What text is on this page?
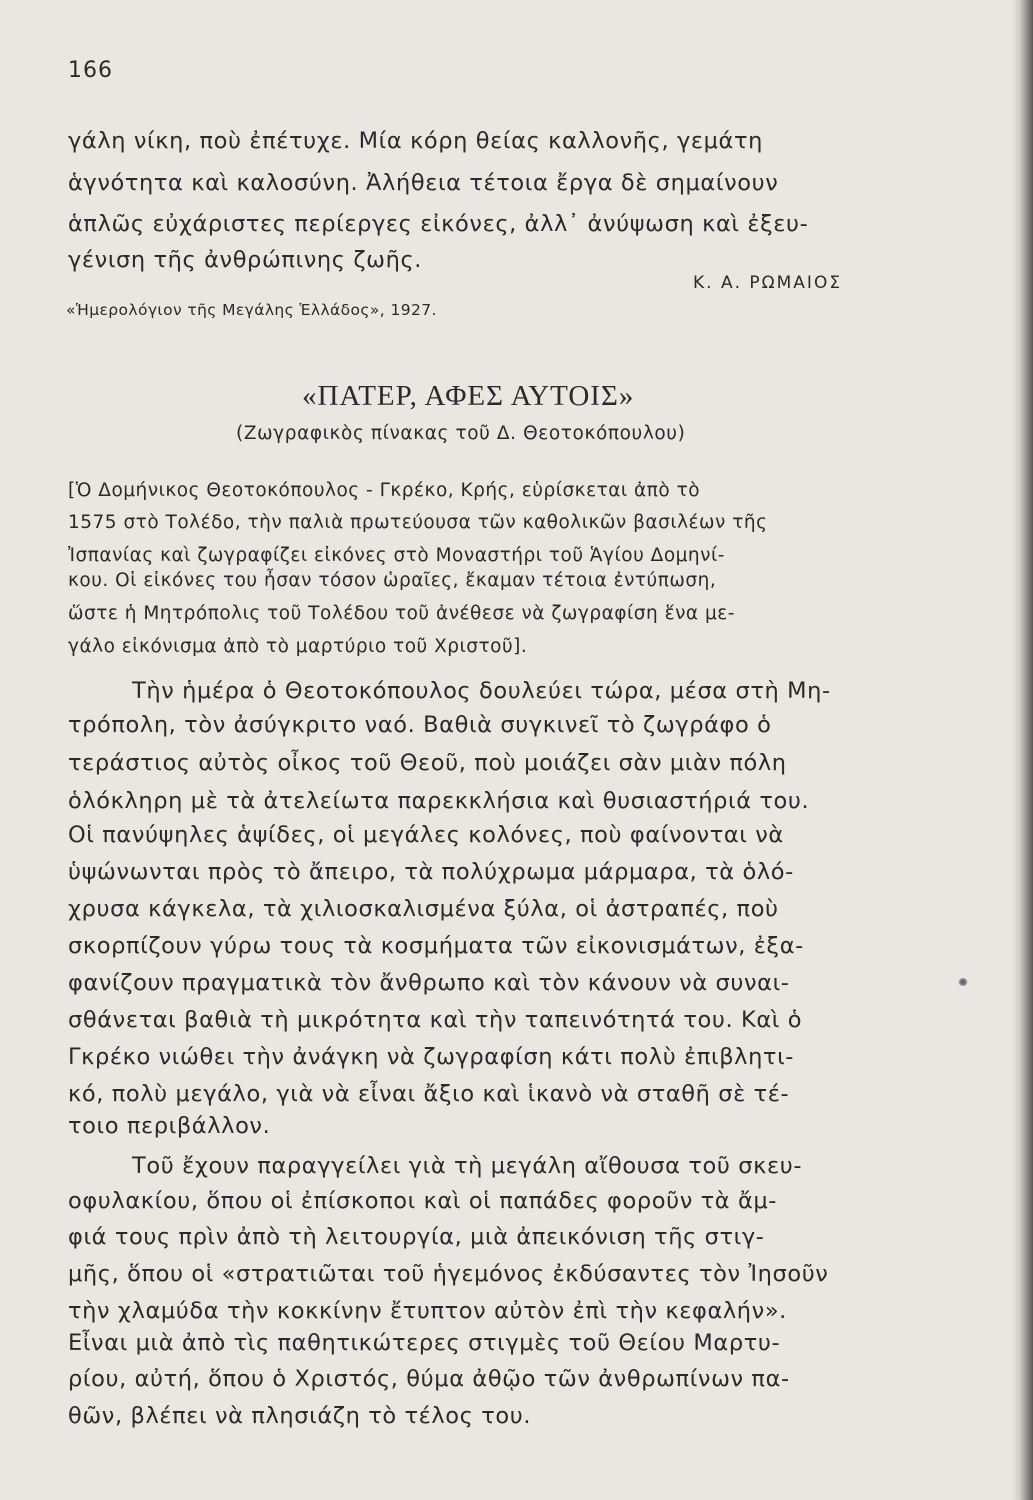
166
γάλη νίκη, ποὺ ἐπέτυχε. Μία κόρη θείας καλλονῆς, γεμάτη
ἁγνότητα καὶ καλοσύνη. Ἀλήθεια τέτοια ἔργα δὲ σημαίνουν
ἁπλῶς εὐχάριστες περίεργες εἰκόνες, ἀλλ᾽ ἀνύψωση καὶ ἐξευ-
γένιση τῆς ἀνθρώπινης ζωῆς.
Κ. Α. ΡΩΜΑΙΟΣ
«Ἡμερολόγιον τῆς Μεγάλης Ἑλλάδος», 1927.
«ΠΑΤΕΡ, ΑΦΕΣ ΑΥΤΟΙΣ»
(Ζωγραφικὸς πίνακας τοῦ Δ. Θεοτοκόπουλου)
[Ὁ Δομήνικος Θεοτοκόπουλος - Γκρέκο, Κρής, εὑρίσκεται ἀπὸ τὸ
1575 στὸ Τολέδο, τὴν παλιὰ πρωτεύουσα τῶν καθολικῶν βασιλέων τῆς
Ἰσπανίας καὶ ζωγραφίζει εἰκόνες στὸ Μοναστήρι τοῦ Ἁγίου Δομηνί-
κου. Οἱ εἰκόνες του ἦσαν τόσον ὡραῖες, ἔκαμαν τέτοια ἐντύπωση,
ὥστε ἡ Μητρόπολις τοῦ Τολέδου τοῦ ἀνέθεσε νὰ ζωγραφίση ἕνα με-
γάλο εἰκόνισμα ἀπὸ τὸ μαρτύριο τοῦ Χριστοῦ].
Τὴν ἡμέρα ὁ Θεοτοκόπουλος δουλεύει τώρα, μέσα στὴ Μη-
τρόπολη, τὸν ἀσύγκριτο ναό. Βαθιὰ συγκινεῖ τὸ ζωγράφο ὁ
τεράστιος αὐτὸς οἶκος τοῦ Θεοῦ, ποὺ μοιάζει σὰν μιὰν πόλη
ὁλόκληρη μὲ τὰ ἀτελείωτα παρεκκλήσια καὶ θυσιαστήριά του.
Οἱ πανύψηλες ἁψίδες, οἱ μεγάλες κολόνες, ποὺ φαίνονται νὰ
ὑψώνωνται πρὸς τὸ ἄπειρο, τὰ πολύχρωμα μάρμαρα, τὰ ὁλό-
χρυσα κάγκελα, τὰ χιλιοσκαλισμένα ξύλα, οἱ ἀστραπές, ποὺ
σκορπίζουν γύρω τους τὰ κοσμήματα τῶν εἰκονισμάτων, ἐξα-
φανίζουν πραγματικὰ τὸν ἄνθρωπο καὶ τὸν κάνουν νὰ συναι-
σθάνεται βαθιὰ τὴ μικρότητα καὶ τὴν ταπεινότητά του. Καὶ ὁ
Γκρέκο νιώθει τὴν ἀνάγκη νὰ ζωγραφίση κάτι πολὺ ἐπιβλητι-
κό, πολὺ μεγάλο, γιὰ νὰ εἶναι ἄξιο καὶ ἱκανὸ νὰ σταθῆ σὲ τέ-
τοιο περιβάλλον.
Τοῦ ἔχουν παραγγείλει γιὰ τὴ μεγάλη αἴθουσα τοῦ σκευ-
οφυλακίου, ὅπου οἱ ἐπίσκοποι καὶ οἱ παπάδες φοροῦν τὰ ἄμ-
φιά τους πρὶν ἀπὸ τὴ λειτουργία, μιὰ ἀπεικόνιση τῆς στιγ-
μῆς, ὅπου οἱ «στρατιῶται τοῦ ἡγεμόνος ἐκδύσαντες τὸν Ἰησοῦν
τὴν χλαμύδα τὴν κοκκίνην ἔτυπτον αὐτὸν ἐπὶ τὴν κεφαλήν».
Εἶναι μιὰ ἀπὸ τὶς παθητικώτερες στιγμὲς τοῦ Θείου Μαρτυ-
ρίου, αὐτή, ὅπου ὁ Χριστός, θύμα ἀθῷο τῶν ἀνθρωπίνων πα-
θῶν, βλέπει νὰ πλησιάζη τὸ τέλος του.
